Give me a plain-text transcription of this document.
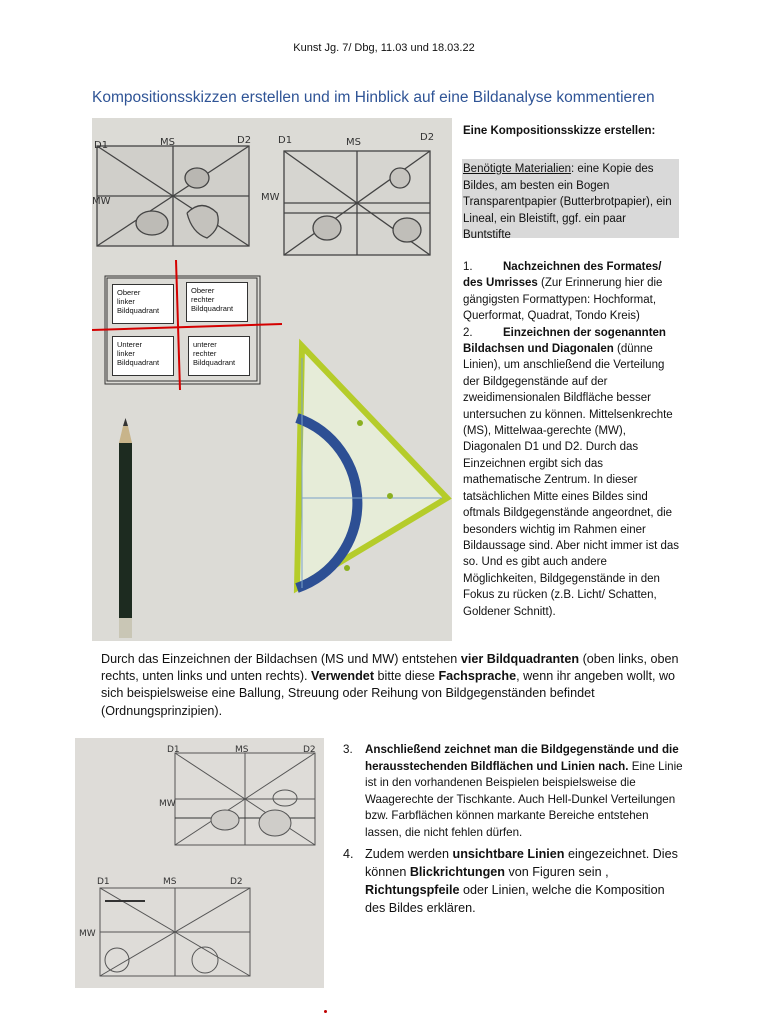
Kunst Jg. 7/ Dbg, 11.03 und 18.03.22
Kompositionsskizzen erstellen und im Hinblick auf eine Bildanalyse kommentieren
D1	MS	D2	D1	MS	D2
MW
MW
Oberer
linker
Bildquadrant
Oberer
rechter
Bildquadrant
Unterer
linker
Bildquadrant
unterer
rechter
Bildquadrant
Eine Kompositionsskizze erstellen:
Benötigte Materialien: eine Kopie des Bildes, am besten ein Bogen Transparentpapier (Butterbrotpapier), ein Lineal, ein Bleistift, ggf. ein paar Buntstifte
1.	Nachzeichnen des Formates/ des Umrisses (Zur Erinnerung hier die gängigsten Formattypen: Hochformat, Querformat, Quadrat, Tondo Kreis)
2.	Einzeichnen der sogenannten Bildachsen und Diagonalen (dünne Linien), um anschließend die Verteilung der Bildgegenstände auf der zweidimensionalen Bildfläche besser untersuchen zu können. Mittelsenkrechte (MS), Mittelwaa-gerechte (MW), Diagonalen D1 und D2. Durch das Einzeichnen ergibt sich das mathematische Zentrum. In dieser tatsächlichen Mitte eines Bildes sind oftmals Bildgegenstände angeordnet, die besonders wichtig im Rahmen einer Bildaussage sind. Aber nicht immer ist das so. Und es gibt auch andere Möglichkeiten, Bildgegenstände in den Fokus zu rücken (z.B. Licht/ Schatten, Goldener Schnitt).
Durch das Einzeichnen der Bildachsen (MS und MW) entstehen vier Bildquadranten (oben links, oben rechts, unten links und unten rechts). Verwendet bitte diese Fachsprache, wenn ihr angeben wollt, wo sich beispielsweise eine Ballung, Streuung oder Reihung von Bildgegenständen befindet (Ordnungsprinzipien).
D1	MS	D2
MW
D1	MS	D2
MW
3. Anschließend zeichnet man die Bildgegenstände und die herausstechenden Bildflächen und Linien nach. Eine Linie ist in den vorhandenen Beispielen beispielsweise die Waagerechte der Tischkante. Auch Hell-Dunkel Verteilungen bzw. Farbflächen können markante Bereiche entstehen lassen, die nicht fehlen dürfen.
4. Zudem werden unsichtbare Linien eingezeichnet. Dies können Blickrichtungen von Figuren sein , Richtungspfeile oder Linien, welche die Komposition des Bildes erklären.
